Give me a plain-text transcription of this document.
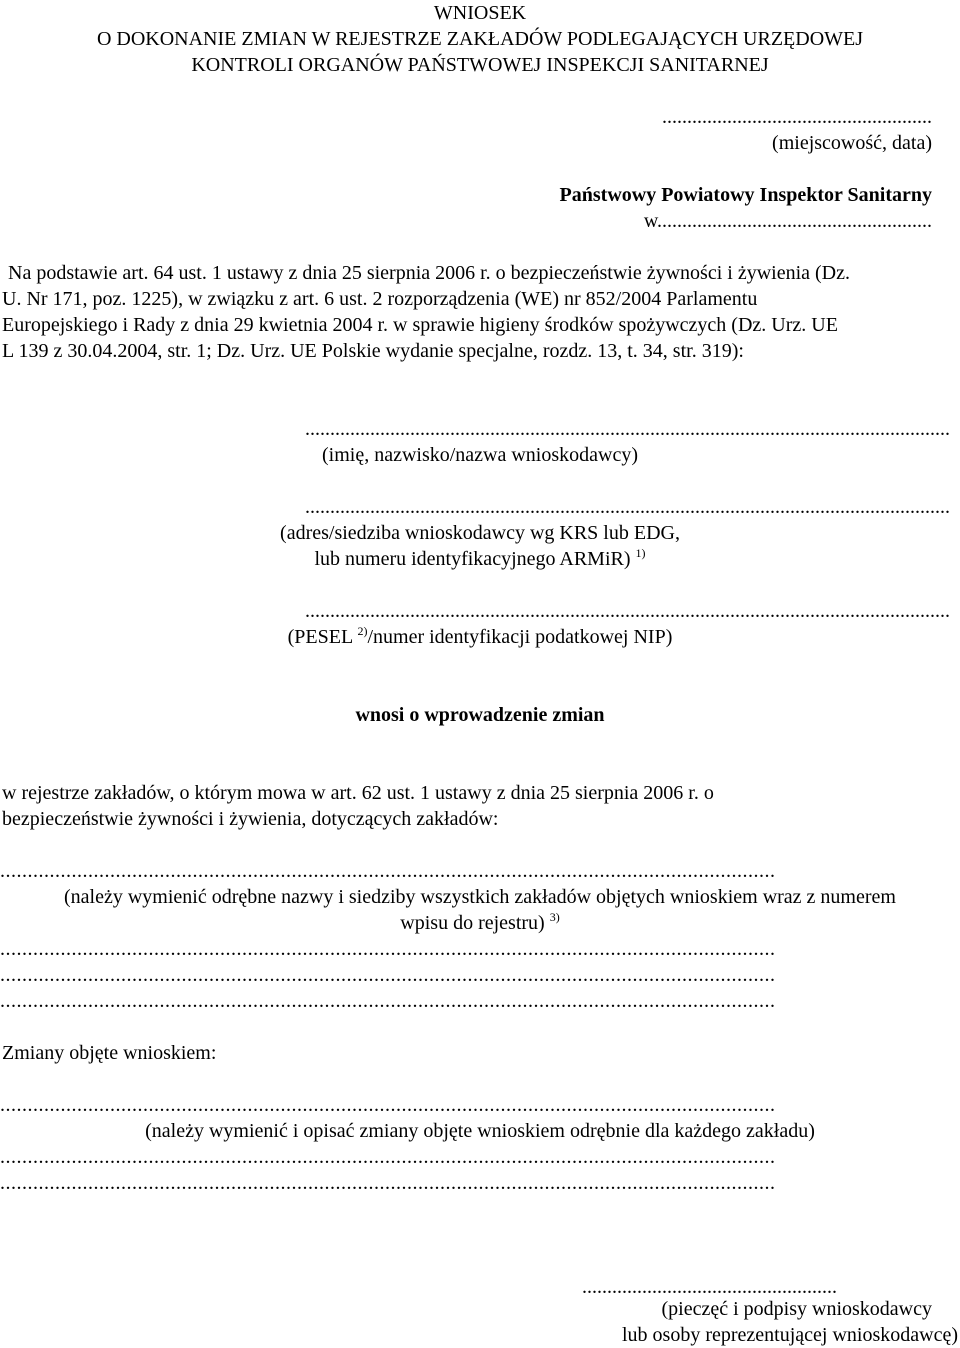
WNIOSEK

O DOKONANIE ZMIAN W REJESTRZE ZAKŁADÓW PODLEGAJĄCYCH URZĘDOWEJ

KONTROLI ORGANÓW PAŃSTWOWEJ INSPEKCJI SANITARNEJ

......................................................

(miejscowość, data)

Państwowy Powiatowy Inspektor Sanitarny

w.......................................................

Na podstawie art. 64 ust. 1 ustawy z dnia 25 sierpnia 2006 r. o bezpieczeństwie żywności i żywienia (Dz.

U. Nr 171, poz. 1225), w związku z art. 6 ust. 2 rozporządzenia (WE) nr 852/2004 Parlamentu

Europejskiego i Rady z dnia 29 kwietnia 2004 r. w sprawie higieny środków spożywczych (Dz. Urz. UE

L 139 z 30.04.2004, str. 1; Dz. Urz. UE Polskie wydanie specjalne, rozdz. 13, t. 34, str. 319):

.................................................................................................................................

(imię, nazwisko/nazwa wnioskodawcy)

.................................................................................................................................

(adres/siedziba wnioskodawcy wg KRS lub EDG,

lub numeru identyfikacyjnego ARMiR) $^{1)}$

.................................................................................................................................

(PESEL $^{2)}$/numer identyfikacji podatkowej NIP)

wnosi o wprowadzenie zmian

w rejestrze zakładów, o którym mowa w art. 62 ust. 1 ustawy z dnia 25 sierpnia 2006 r. o

bezpieczeństwie żywności i żywienia, dotyczących zakładów:

.............................................................................................................................................

(należy wymienić odrębne nazwy i siedziby wszystkich zakładów objętych wnioskiem wraz z numerem

wpisu do rejestru) $^{3)}$

.............................................................................................................................................

.............................................................................................................................................

.............................................................................................................................................

Zmiany objęte wnioskiem:

.............................................................................................................................................

(należy wymienić i opisać zmiany objęte wnioskiem odrębnie dla każdego zakładu)

.............................................................................................................................................

.............................................................................................................................................

...................................................

(pieczęć i podpisy wnioskodawcy

lub osoby reprezentującej wnioskodawcę)
